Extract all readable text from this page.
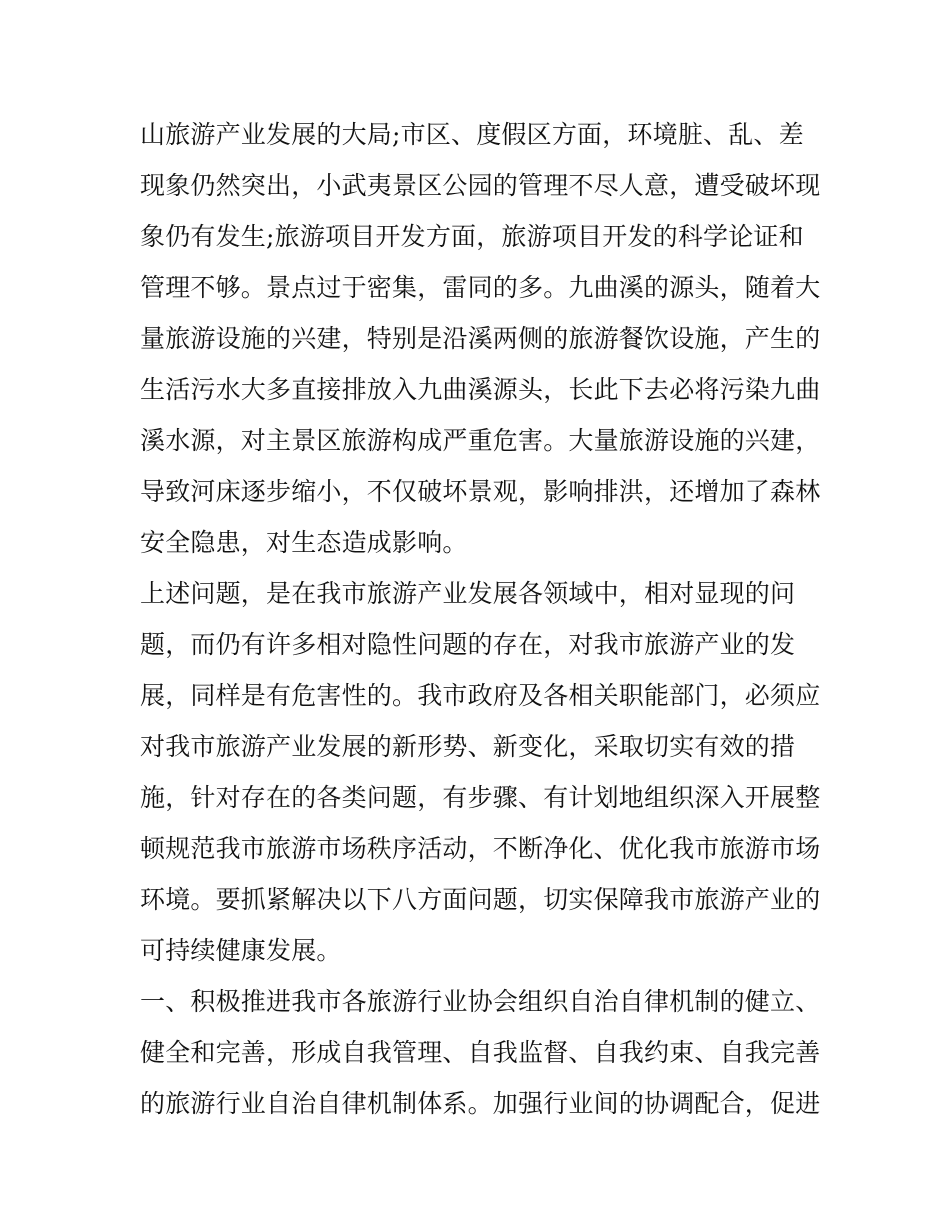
山旅游产业发展的大局;市区、度假区方面，环境脏、乱、差
现象仍然突出，小武夷景区公园的管理不尽人意，遭受破坏现
象仍有发生;旅游项目开发方面，旅游项目开发的科学论证和
管理不够。景点过于密集，雷同的多。九曲溪的源头，随着大
量旅游设施的兴建，特别是沿溪两侧的旅游餐饮设施，产生的
生活污水大多直接排放入九曲溪源头，长此下去必将污染九曲
溪水源，对主景区旅游构成严重危害。大量旅游设施的兴建，
导致河床逐步缩小，不仅破坏景观，影响排洪，还增加了森林
安全隐患，对生态造成影响。
上述问题，是在我市旅游产业发展各领域中，相对显现的问
题，而仍有许多相对隐性问题的存在，对我市旅游产业的发
展，同样是有危害性的。我市政府及各相关职能部门，必须应
对我市旅游产业发展的新形势、新变化，采取切实有效的措
施，针对存在的各类问题，有步骤、有计划地组织深入开展整
顿规范我市旅游市场秩序活动，不断净化、优化我市旅游市场
环境。要抓紧解决以下八方面问题，切实保障我市旅游产业的
可持续健康发展。
一、积极推进我市各旅游行业协会组织自治自律机制的健立、
健全和完善，形成自我管理、自我监督、自我约束、自我完善
的旅游行业自治自律机制体系。加强行业间的协调配合，促进
